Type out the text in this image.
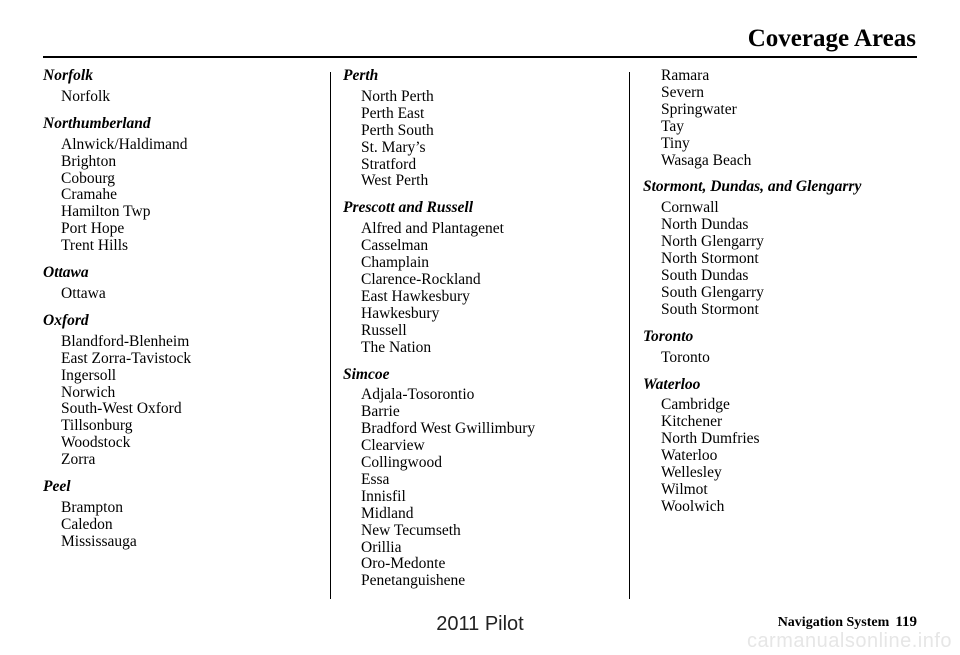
Coverage Areas
Norfolk
Norfolk
Northumberland
Alnwick/Haldimand
Brighton
Cobourg
Cramahe
Hamilton Twp
Port Hope
Trent Hills
Ottawa
Ottawa
Oxford
Blandford-Blenheim
East Zorra-Tavistock
Ingersoll
Norwich
South-West Oxford
Tillsonburg
Woodstock
Zorra
Peel
Brampton
Caledon
Mississauga
Perth
North Perth
Perth East
Perth South
St. Mary’s
Stratford
West Perth
Prescott and Russell
Alfred and Plantagenet
Casselman
Champlain
Clarence-Rockland
East Hawkesbury
Hawkesbury
Russell
The Nation
Simcoe
Adjala-Tosorontio
Barrie
Bradford West Gwillimbury
Clearview
Collingwood
Essa
Innisfil
Midland
New Tecumseth
Orillia
Oro-Medonte
Penetanguishene
Ramara
Severn
Springwater
Tay
Tiny
Wasaga Beach
Stormont, Dundas, and Glengarry
Cornwall
North Dundas
North Glengarry
North Stormont
South Dundas
South Glengarry
South Stormont
Toronto
Toronto
Waterloo
Cambridge
Kitchener
North Dumfries
Waterloo
Wellesley
Wilmot
Woolwich
Navigation System 119
2011 Pilot
carmanualsonline.info
